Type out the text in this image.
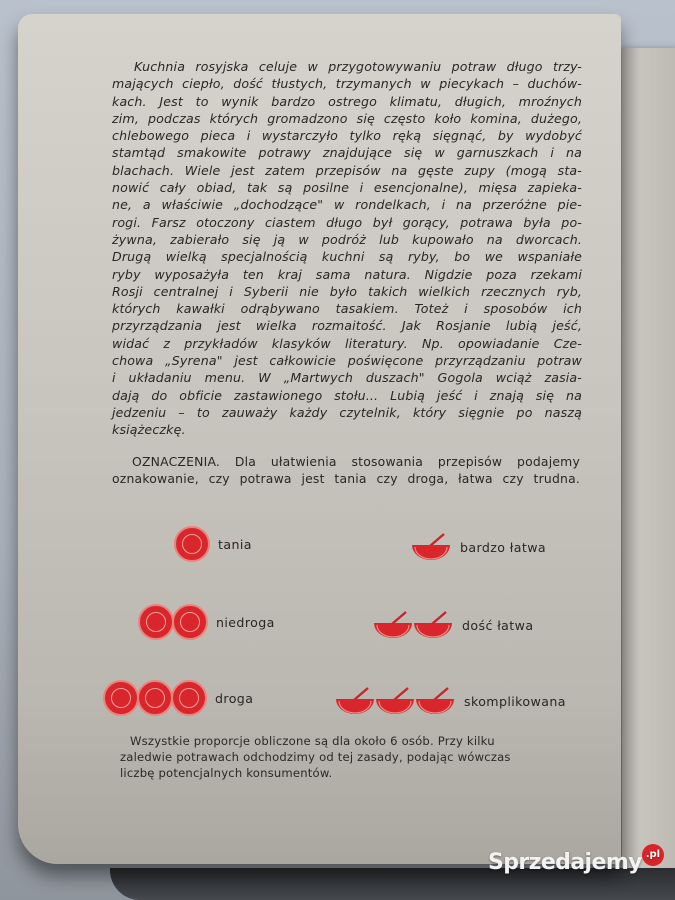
Kuchnia rosyjska celuje w przygotowywaniu potraw długo trzy-
mających ciepło, dość tłustych, trzymanych w piecykach – duchów-
kach. Jest to wynik bardzo ostrego klimatu, długich, mroźnych
zim, podczas których gromadzono się często koło komina, dużego,
chlebowego pieca i wystarczyło tylko ręką sięgnąć, by wydobyć
stamtąd smakowite potrawy znajdujące się w garnuszkach i na
blachach. Wiele jest zatem przepisów na gęste zupy (mogą sta-
nowić cały obiad, tak są posilne i esencjonalne), mięsa zapieka-
ne, a właściwie „dochodzące" w rondelkach, i na przeróżne pie-
rogi. Farsz otoczony ciastem długo był gorący, potrawa była po-
żywna, zabierało się ją w podróż lub kupowało na dworcach.
Drugą wielką specjalnością kuchni są ryby, bo we wspaniałe
ryby wyposażyła ten kraj sama natura. Nigdzie poza rzekami
Rosji centralnej i Syberii nie było takich wielkich rzecznych ryb,
których kawałki odrąbywano tasakiem. Toteż i sposobów ich
przyrządzania jest wielka rozmaitość. Jak Rosjanie lubią jeść,
widać z przykładów klasyków literatury. Np. opowiadanie Cze-
chowa „Syrena" jest całkowicie poświęcone przyrządzaniu potraw
i układaniu menu. W „Martwych duszach" Gogola wciąż zasia-
dają do obficie zastawionego stołu... Lubią jeść i znają się na
jedzeniu – to zauważy każdy czytelnik, który sięgnie po naszą
książeczkę.
OZNACZENIA. Dla ułatwienia stosowania przepisów podajemy
oznakowanie, czy potrawa jest tania czy droga, łatwa czy trudna.
tania
niedroga
droga
bardzo łatwa
dość łatwa
skomplikowana
Wszystkie proporcje obliczone są dla około 6 osób. Przy kilku
zaledwie potrawach odchodzimy od tej zasady, podając wówczas
liczbę potencjalnych konsumentów.
Sprzedajemy .pl
